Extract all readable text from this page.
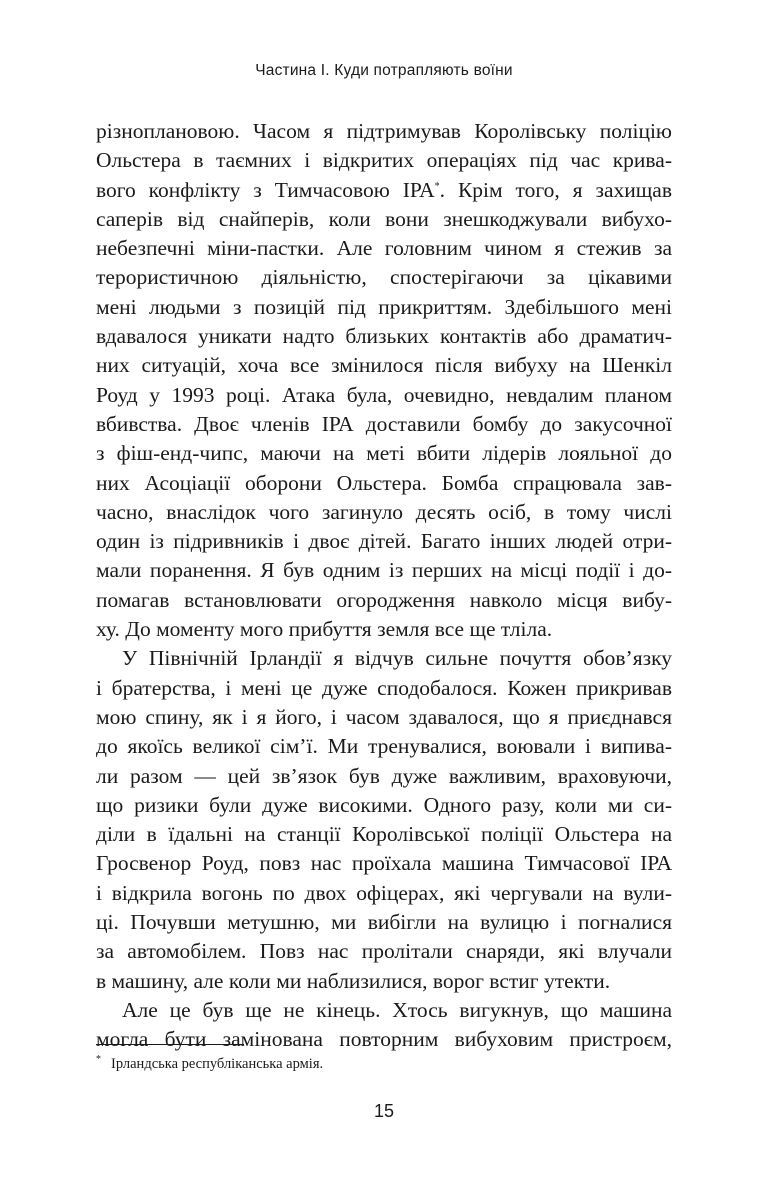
Частина І. Куди потрапляють воїни
різноплановою. Часом я підтримував Королівську поліцію
Ольстера в таємних і відкритих операціях під час крива-
вого конфлікту з Тимчасовою ІРА*. Крім того, я захищав
саперів від снайперів, коли вони знешкоджували вибухо-
небезпечні міни-пастки. Але головним чином я стежив за
терористичною діяльністю, спостерігаючи за цікавими
мені людьми з позицій під прикриттям. Здебільшого мені
вдавалося уникати надто близьких контактів або драматич-
них ситуацій, хоча все змінилося після вибуху на Шенкіл
Роуд у 1993 році. Атака була, очевидно, невдалим планом
вбивства. Двоє членів ІРА доставили бомбу до закусочної
з фіш-енд-чипс, маючи на меті вбити лідерів лояльної до
них Асоціації оборони Ольстера. Бомба спрацювала зав-
часно, внаслідок чого загинуло десять осіб, в тому числі
один із підривників і двоє дітей. Багато інших людей отри-
мали поранення. Я був одним із перших на місці події і до-
помагав встановлювати огородження навколо місця вибу-
ху. До моменту мого прибуття земля все ще тліла.
У Північній Ірландії я відчув сильне почуття обов’язку
і братерства, і мені це дуже сподобалося. Кожен прикривав
мою спину, як і я його, і часом здавалося, що я приєднався
до якоїсь великої сім’ї. Ми тренувалися, воювали і випива-
ли разом — цей зв’язок був дуже важливим, враховуючи,
що ризики були дуже високими. Одного разу, коли ми си-
діли в їдальні на станції Королівської поліції Ольстера на
Гросвенор Роуд, повз нас проїхала машина Тимчасової ІРА
і відкрила вогонь по двох офіцерах, які чергували на вули-
ці. Почувши метушню, ми вибігли на вулицю і погналися
за автомобілем. Повз нас пролітали снаряди, які влучали
в машину, але коли ми наблизилися, ворог встиг утекти.
Але це був ще не кінець. Хтось вигукнув, що машина
могла бути замінована повторним вибуховим пристроєм,
* Ірландська республіканська армія.
15
